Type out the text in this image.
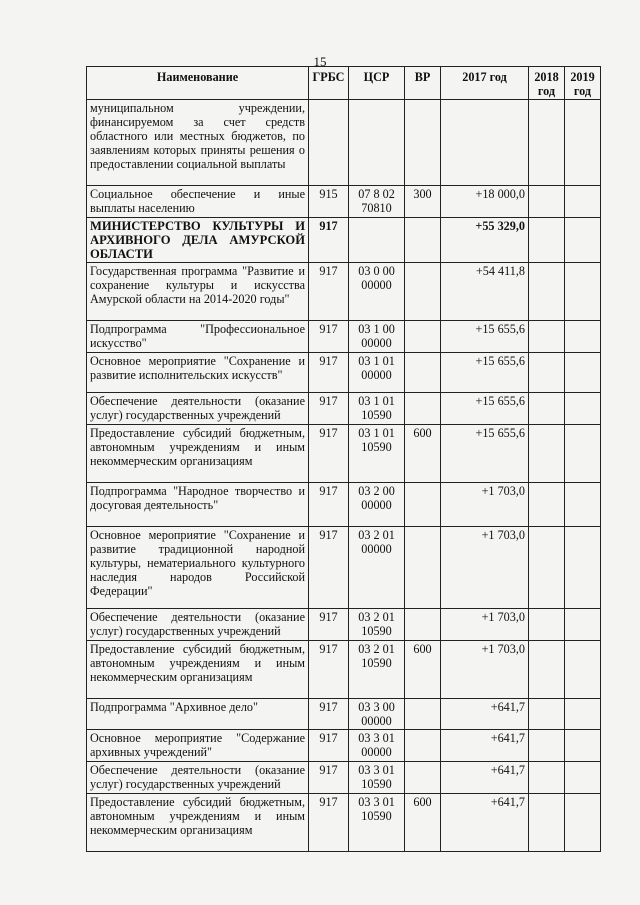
15
Наименование	ГРБС	ЦСР	ВР	2017 год	2018 год	2019 год
муниципальном учреждении, финансируемом за счет средств областного или местных бюджетов, по заявлениям которых приняты решения о предоставлении социальной выплаты						
Социальное обеспечение и иные выплаты населению	915	07 8 02 70810	300	+18 000,0		
МИНИСТЕРСТВО КУЛЬТУРЫ И АРХИВНОГО ДЕЛА АМУРСКОЙ ОБЛАСТИ	917			+55 329,0		
Государственная программа "Развитие и сохранение культуры и искусства Амурской области на 2014-2020 годы"	917	03 0 00 00000		+54 411,8		
Подпрограмма "Профессиональное искусство"	917	03 1 00 00000		+15 655,6		
Основное мероприятие "Сохранение и развитие исполнительских искусств"	917	03 1 01 00000		+15 655,6		
Обеспечение деятельности (оказание услуг) государственных учреждений	917	03 1 01 10590		+15 655,6		
Предоставление субсидий бюджетным, автономным учреждениям и иным некоммерческим организациям	917	03 1 01 10590	600	+15 655,6		
Подпрограмма "Народное творчество и досуговая деятельность"	917	03 2 00 00000		+1 703,0		
Основное мероприятие "Сохранение и развитие традиционной народной культуры, нематериального культурного наследия народов Российской Федерации"	917	03 2 01 00000		+1 703,0		
Обеспечение деятельности (оказание услуг) государственных учреждений	917	03 2 01 10590		+1 703,0		
Предоставление субсидий бюджетным, автономным учреждениям и иным некоммерческим организациям	917	03 2 01 10590	600	+1 703,0		
Подпрограмма "Архивное дело"	917	03 3 00 00000		+641,7		
Основное мероприятие "Содержание архивных учреждений"	917	03 3 01 00000		+641,7		
Обеспечение деятельности (оказание услуг) государственных учреждений	917	03 3 01 10590		+641,7		
Предоставление субсидий бюджетным, автономным учреждениям и иным некоммерческим организациям	917	03 3 01 10590	600	+641,7		
